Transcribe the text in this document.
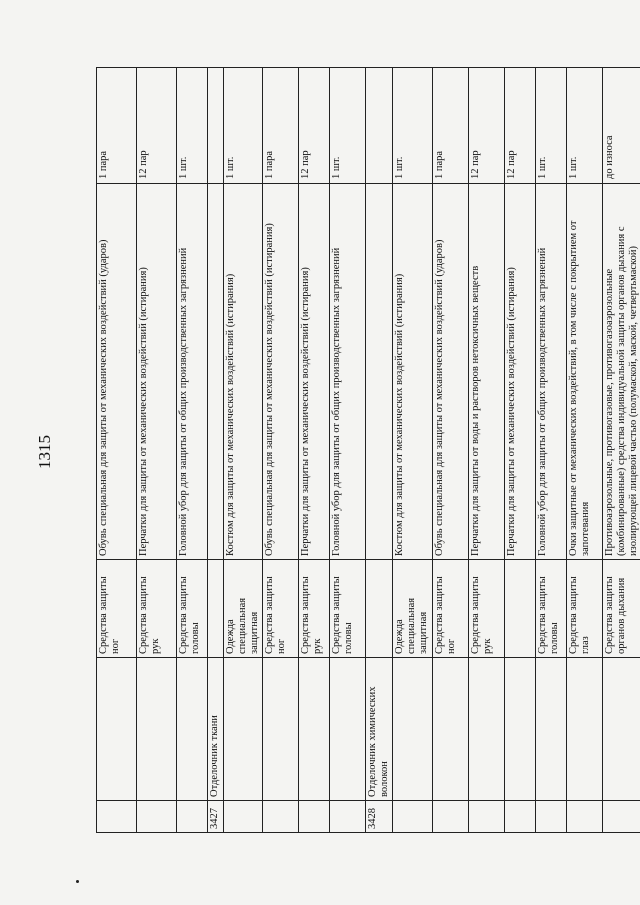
1315
		Средства защиты ног	Обувь специальная для защиты от механических воздействий (ударов)	1 пара
		Средства защиты рук	Перчатки для защиты от механических воздействий (истирания)	12 пар
		Средства защиты головы	Головной убор для защиты от общих производственных загрязнений	1 шт.
3427	Отделочник ткани			
		Одежда специальная защитная	Костюм для защиты от механических воздействий (истирания)	1 шт.
		Средства защиты ног	Обувь специальная для защиты от механических воздействий (истирания)	1 пара
		Средства защиты рук	Перчатки для защиты от механических воздействий (истирания)	12 пар
		Средства защиты головы	Головной убор для защиты от общих производственных загрязнений	1 шт.
3428	Отделочник химических волокон			
		Одежда специальная защитная	Костюм для защиты от механических воздействий (истирания)	1 шт.
		Средства защиты ног	Обувь специальная для защиты от механических воздействий (ударов)	1 пара
		Средства защиты рук	Перчатки для защиты от воды и растворов нетоксичных веществ	12 пар
			Перчатки для защиты от механических воздействий (истирания)	12 пар
		Средства защиты головы	Головной убор для защиты от общих производственных загрязнений	1 шт.
		Средства защиты глаз	Очки защитные от механических воздействий, в том числе с покрытием от запотевания	1 шт.
		Средства защиты органов дыхания	Противоаэрозольные, противогазовые, противогазоаэрозольные (комбинированные) средства индивидуальной защиты органов дыхания с изолирующей лицевой частью (полумаской, маской, четвертьмаской)	до износа
